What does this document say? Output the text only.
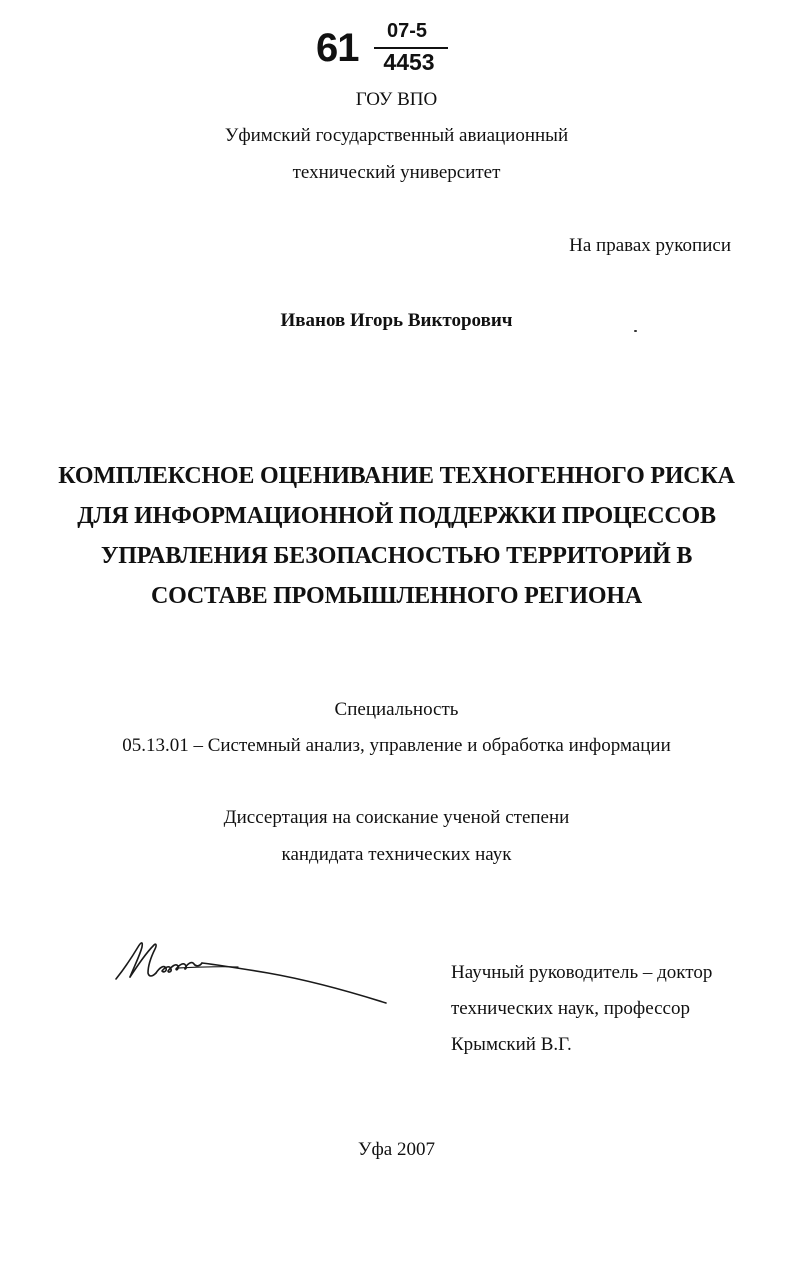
61	07-5
4453
ГОУ ВПО
Уфимский государственный авиационный
технический университет
На правах рукописи
Иванов Игорь Викторович
КОМПЛЕКСНОЕ ОЦЕНИВАНИЕ ТЕХНОГЕННОГО РИСКА
ДЛЯ ИНФОРМАЦИОННОЙ ПОДДЕРЖКИ ПРОЦЕССОВ
УПРАВЛЕНИЯ БЕЗОПАСНОСТЬЮ ТЕРРИТОРИЙ В
СОСТАВЕ ПРОМЫШЛЕННОГО РЕГИОНА
Специальность
05.13.01 – Системный анализ, управление и обработка информации
Диссертация на соискание ученой степени
кандидата технических наук
Научный руководитель – доктор
технических наук, профессор
Крымский В.Г.
Уфа 2007
